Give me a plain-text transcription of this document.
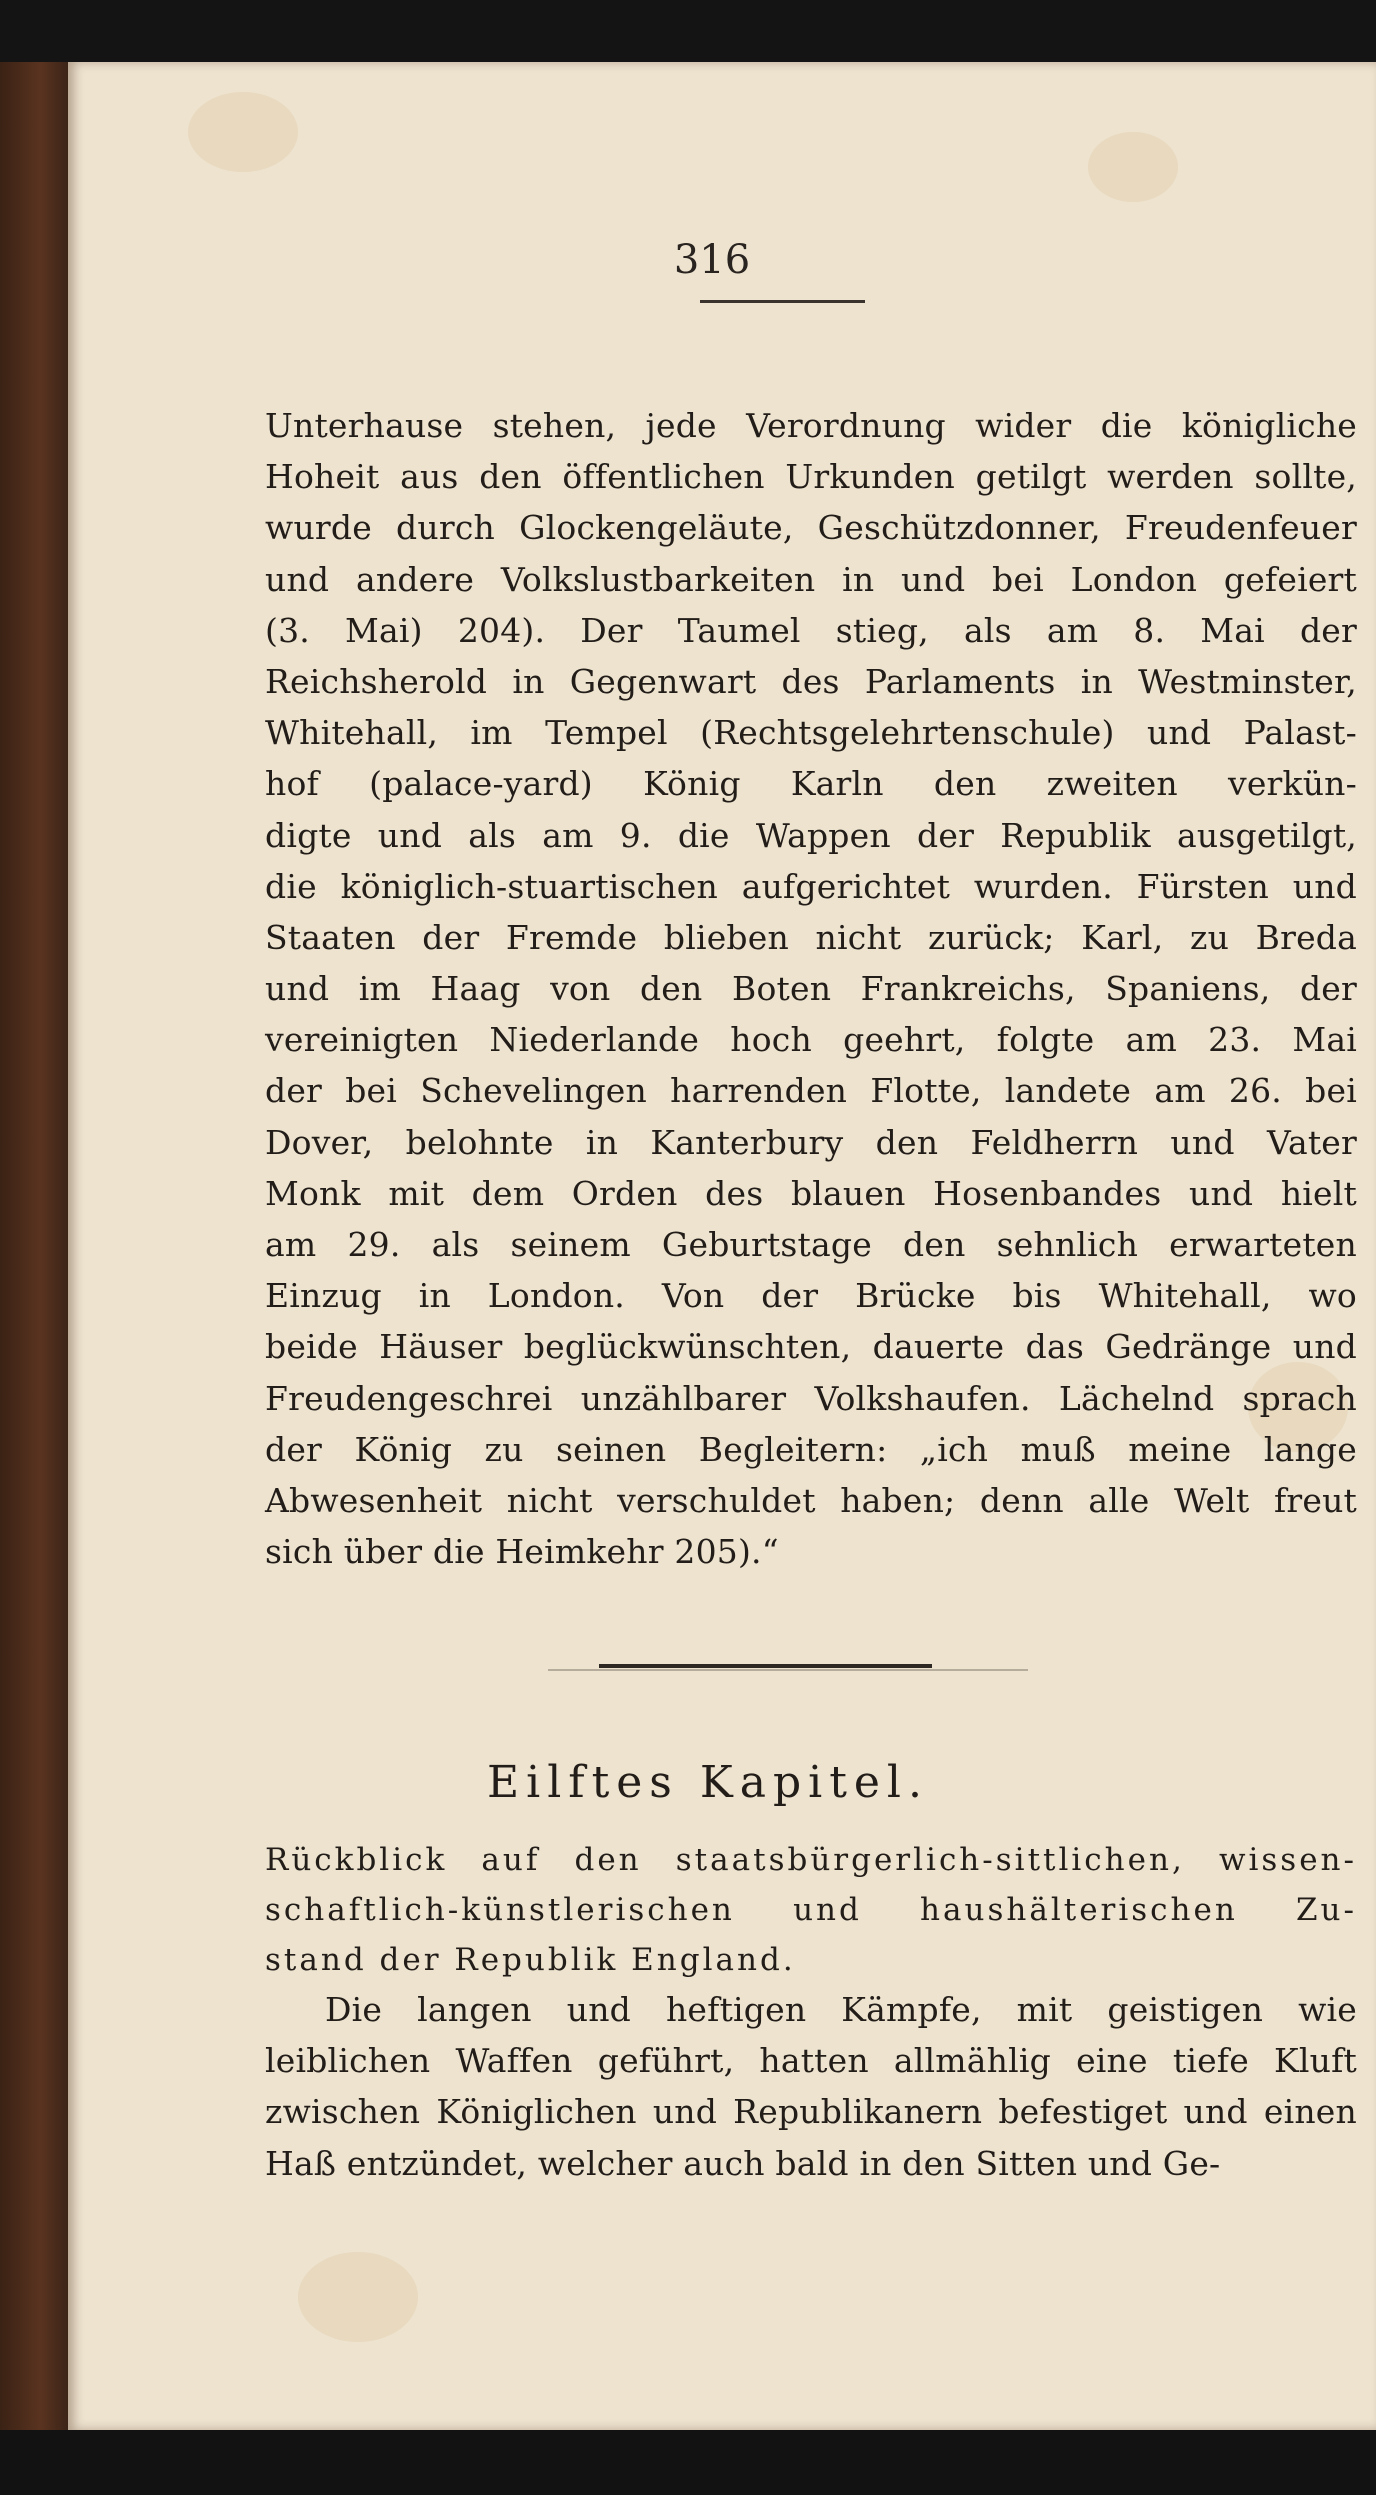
316
Unterhause stehen, jede Verordnung wider die königliche
Hoheit aus den öffentlichen Urkunden getilgt werden sollte,
wurde durch Glockengeläute, Geschützdonner, Freudenfeuer
und andere Volkslustbarkeiten in und bei London gefeiert
(3. Mai) 204). Der Taumel stieg, als am 8. Mai der
Reichsherold in Gegenwart des Parlaments in Westminster,
Whitehall, im Tempel (Rechtsgelehrtenschule) und Palast-
hof (palace-yard) König Karln den zweiten verkün-
digte und als am 9. die Wappen der Republik ausgetilgt,
die königlich-stuartischen aufgerichtet wurden. Fürsten und
Staaten der Fremde blieben nicht zurück; Karl, zu Breda
und im Haag von den Boten Frankreichs, Spaniens, der
vereinigten Niederlande hoch geehrt, folgte am 23. Mai
der bei Schevelingen harrenden Flotte, landete am 26. bei
Dover, belohnte in Kanterbury den Feldherrn und Vater
Monk mit dem Orden des blauen Hosenbandes und hielt
am 29. als seinem Geburtstage den sehnlich erwarteten
Einzug in London. Von der Brücke bis Whitehall, wo
beide Häuser beglückwünschten, dauerte das Gedränge und
Freudengeschrei unzählbarer Volkshaufen. Lächelnd sprach
der König zu seinen Begleitern: „ich muß meine lange
Abwesenheit nicht verschuldet haben; denn alle Welt freut
sich über die Heimkehr 205).“
Eilftes Kapitel.
Rückblick auf den staatsbürgerlich-sittlichen, wissen-
schaftlich-künstlerischen und haushälterischen Zu-
stand der Republik England.
Die langen und heftigen Kämpfe, mit geistigen wie
leiblichen Waffen geführt, hatten allmählig eine tiefe Kluft
zwischen Königlichen und Republikanern befestiget und einen
Haß entzündet, welcher auch bald in den Sitten und Ge-
